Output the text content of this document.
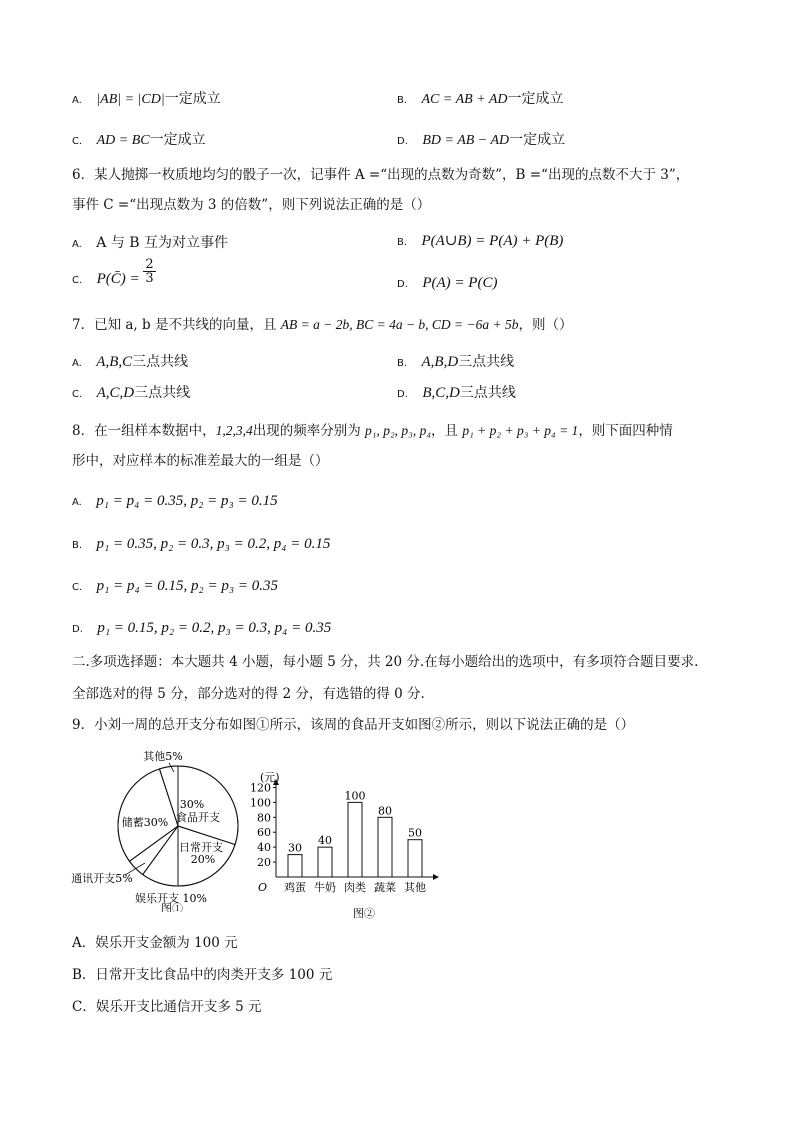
A. |AB| = |CD|一定成立	B. AC = AB + AD一定成立
C. AD = BC一定成立	D. BD = AB − AD一定成立
6．某人抛掷一枚质地均匀的骰子一次，记事件 A =“出现的点数为奇数”，B =“出现的点数不大于 3”，
事件 C =“出现点数为 3 的倍数”，则下列说法正确的是（）
A. A 与 B 互为对立事件	B. P(A∪B) = P(A) + P(B)
$^{C.}$ P(C̄) = $\frac{2}{3}$	D. P(A) = P(C)
7．已知 a, b 是不共线的向量，且 AB = a − 2b, BC = 4a − b, CD = −6a + 5b，则（）
A. A,B,C三点共线	B. A,B,D三点共线
C. A,C,D三点共线	D. B,C,D三点共线
8．在一组样本数据中，1,2,3,4出现的频率分别为 p₁, p₂, p₃, p₄，且 p₁ + p₂ + p₃ + p₄ = 1，则下面四种情
形中，对应样本的标准差最大的一组是（）
A. p₁ = p₄ = 0.35, p₂ = p₃ = 0.15
B. p₁ = 0.35, p₂ = 0.3, p₃ = 0.2, p₄ = 0.15
C. p₁ = p₄ = 0.15, p₂ = p₃ = 0.35
D. p₁ = 0.15, p₂ = 0.2, p₃ = 0.3, p₄ = 0.35
二.多项选择题：本大题共 4 小题，每小题 5 分，共 20 分.在每小题给出的选项中，有多项符合题目要求.
全部选对的得 5 分，部分选对的得 2 分，有选错的得 0 分.
9．小刘一周的总开支分布如图①所示，该周的食品开支如图②所示，则以下说法正确的是（）
30%
食品开支
日常开支
20%
储蓄30%
其他5%
通讯开支5%
娱乐开支 10%
图①
(元)
O
20
40
60
80
100
120
30
鸡蛋
40
牛奶
100
肉类
80
蔬菜
50
其他
图②
A．娱乐开支金额为 100 元
B．日常开支比食品中的肉类开支多 100 元
C．娱乐开支比通信开支多 5 元
